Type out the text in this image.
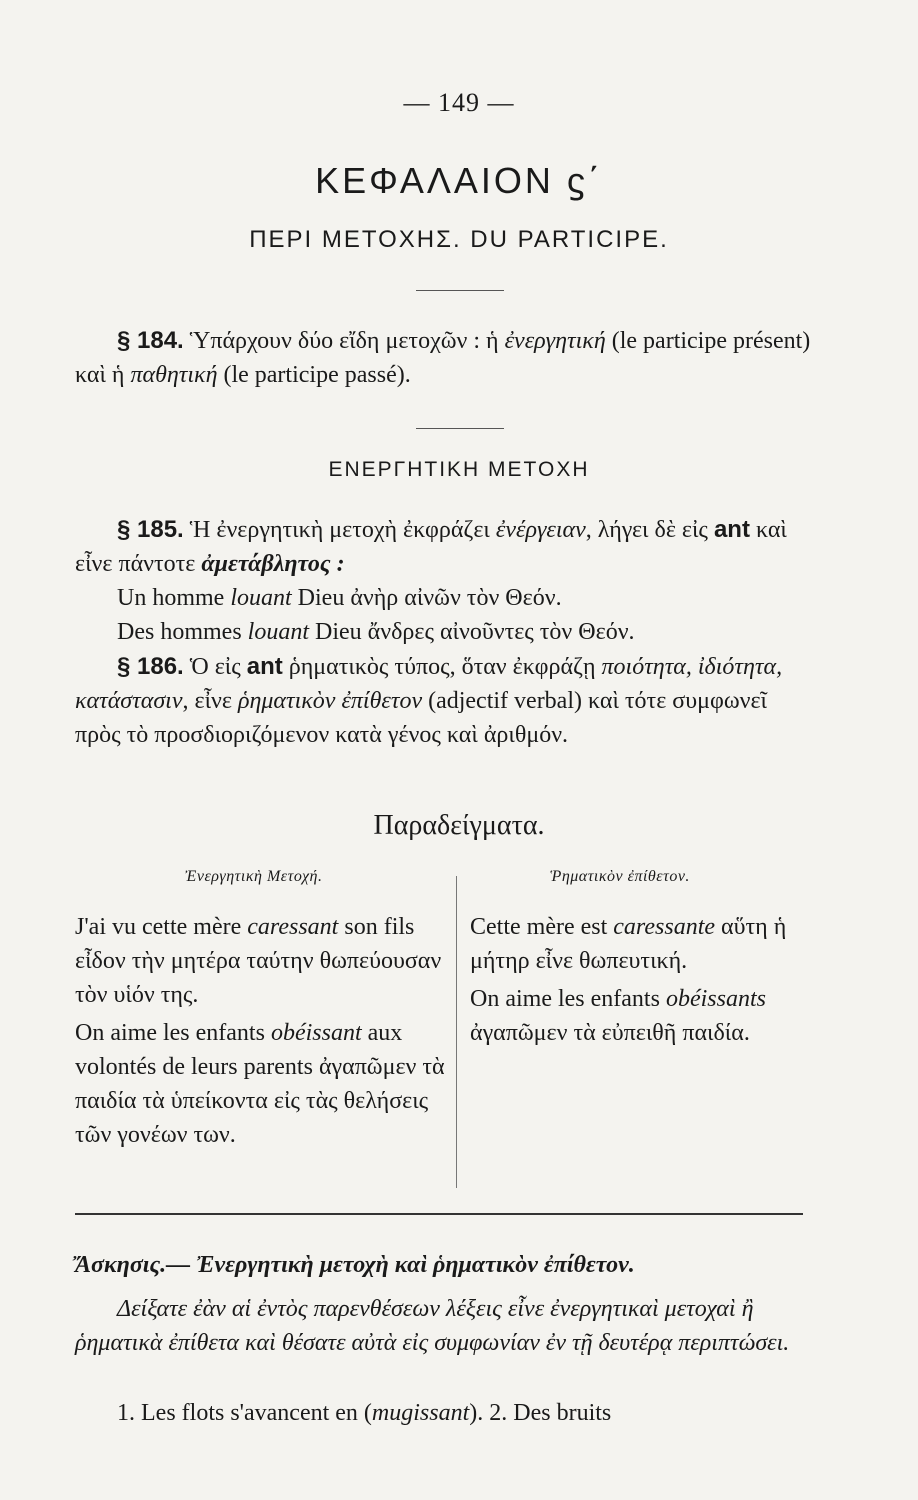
— 149 —
ΚΕΦΑΛΑΙΟΝ ϛ΄
ΠΕΡΙ ΜΕΤΟΧΗΣ. DU PARTICIPE.

§ 184. Ὑπάρχουν δύο εἴδη μετοχῶν : ἡ ἐνεργητική (le participe présent) καὶ ἡ παθητική (le participe passé).

ΕΝΕΡΓΗΤΙΚΗ ΜΕΤΟΧΗ

§ 185. Ἡ ἐνεργητικὴ μετοχὴ ἐκφράζει ἐνέργειαν, λήγει δὲ εἰς ant καὶ εἶνε πάντοτε ἀμετάβλητος :

Un homme louant Dieu ἀνὴρ αἰνῶν τὸν Θεόν.

Des hommes louant Dieu ἄνδρες αἰνοῦντες τὸν Θεόν.

§ 186. Ὁ εἰς ant ῥηματικὸς τύπος, ὅταν ἐκφράζῃ ποιότητα, ἰδιότητα, κατάστασιν, εἶνε ῥηματικὸν ἐπίθετον (adjectif verbal) καὶ τότε συμφωνεῖ πρὸς τὸ προσδιοριζόμενον κατὰ γένος καὶ ἀριθμόν.

Παραδείγματα.
Ἐνεργητικὴ Μετοχή.	Ῥηματικὸν ἐπίθετον.

J'ai vu cette mère caressant son fils εἶδον τὴν μητέρα ταύτην θωπεύουσαν τὸν υἱόν της.

On aime les enfants obéissant aux volontés de leurs parents ἀγαπῶμεν τὰ παιδία τὰ ὑπείκοντα εἰς τὰς θελήσεις τῶν γονέων των.

Cette mère est caressante αὕτη ἡ μήτηρ εἶνε θωπευτική.

On aime les enfants obéissants ἀγαπῶμεν τὰ εὐπειθῆ παιδία.

Ἄσκησις.— Ἐνεργητικὴ μετοχὴ καὶ ῥηματικὸν ἐπίθετον.

Δείξατε ἐὰν αἱ ἐντὸς παρενθέσεων λέξεις εἶνε ἐνεργητικαὶ μετοχαὶ ἢ ῥηματικὰ ἐπίθετα καὶ θέσατε αὐτὰ εἰς συμφωνίαν ἐν τῇ δευτέρᾳ περιπτώσει.

1. Les flots s'avancent en (mugissant). 2. Des bruits
